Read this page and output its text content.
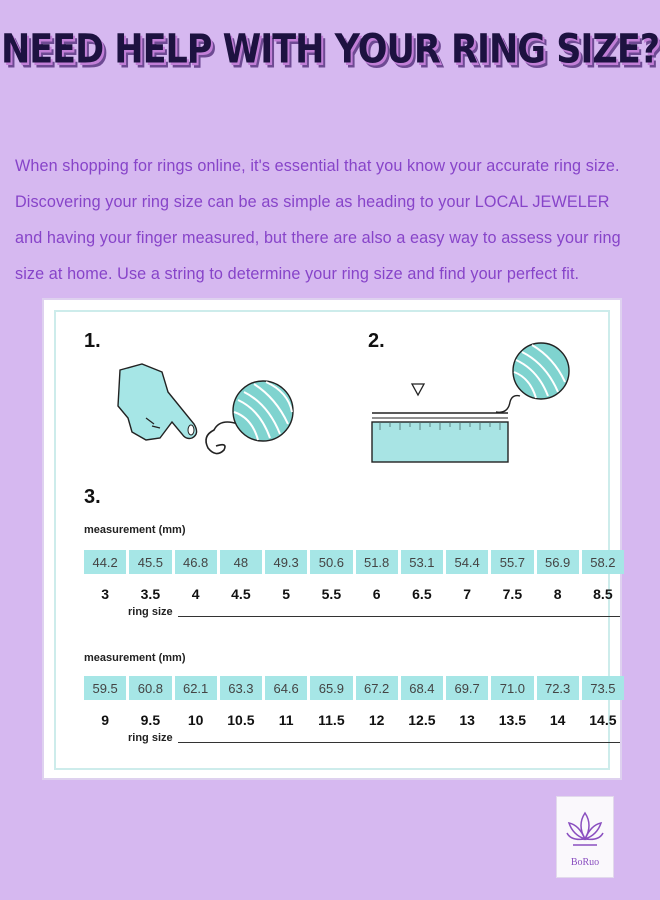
NEED HELP WITH YOUR RING SIZE?

When shopping for rings online, it's essential that you know your accurate ring size.

Discovering your ring size can be as simple as heading to your LOCAL JEWELER

and having your finger measured, but there are also a easy way to assess your ring

size at home. Use a string to determine your ring size and find your perfect fit.

1.	2.
3.
measurement (mm)
44.2	45.5	46.8	48	49.3	50.6	51.8	53.1	54.4	55.7	56.9	58.2
3	3.5	4	4.5	5	5.5	6	6.5	7	7.5	8	8.5
ring size
measurement (mm)
59.5	60.8	62.1	63.3	64.6	65.9	67.2	68.4	69.7	71.0	72.3	73.5
9	9.5	10	10.5	11	11.5	12	12.5	13	13.5	14	14.5
ring size
BoRuo
